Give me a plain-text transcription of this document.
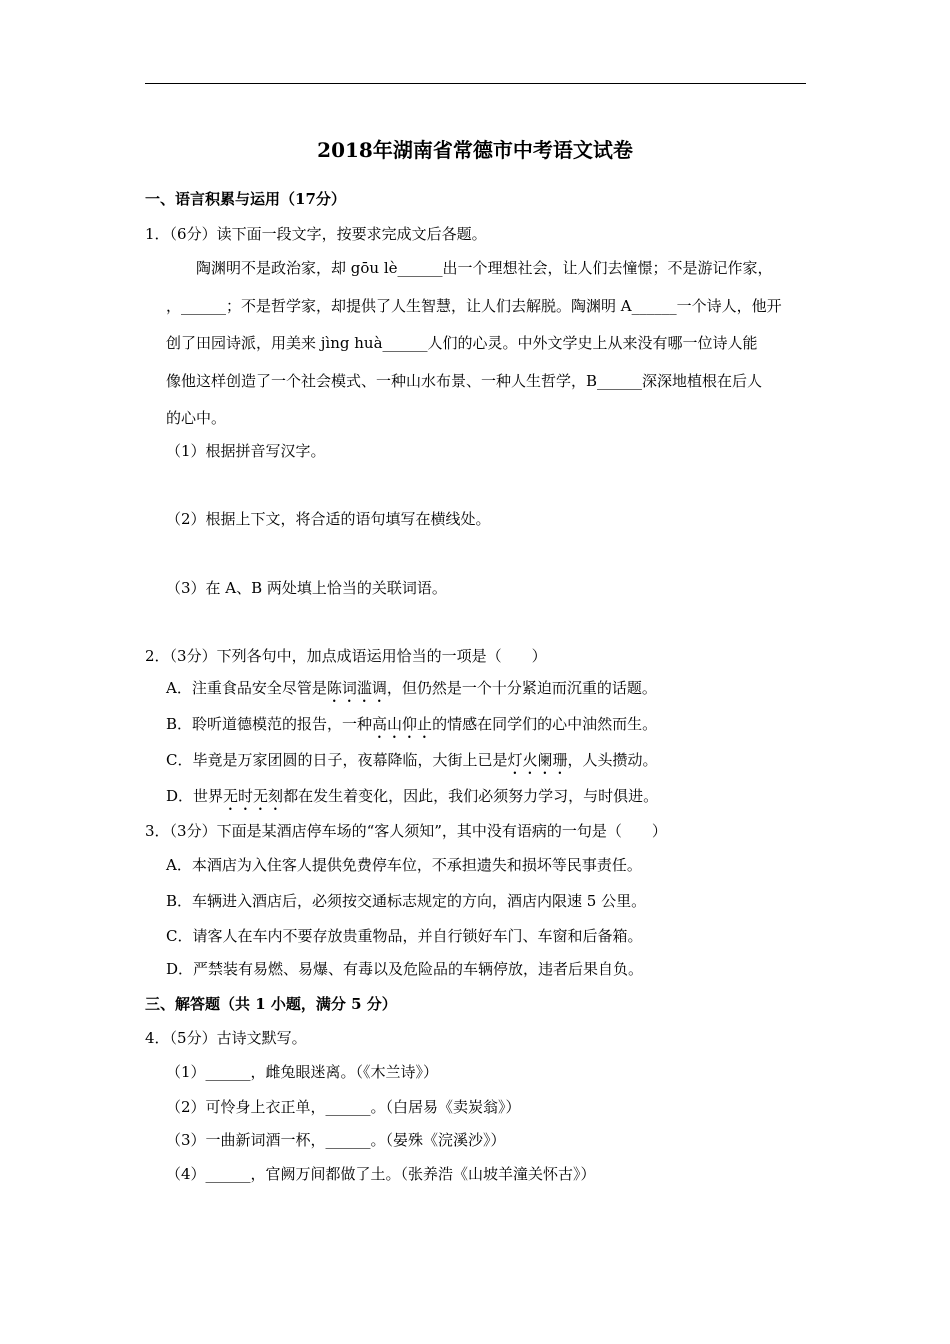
2018年湖南省常德市中考语文试卷
一、语言积累与运用（17分）
1．（6分）读下面一段文字，按要求完成文后各题。
陶渊明不是政治家，却 gōu lè______出一个理想社会，让人们去憧憬；不是游记作家，
，______；不是哲学家，却提供了人生智慧，让人们去解脱。陶渊明 A______一个诗人，他开
创了田园诗派，用美来 jìng huà______人们的心灵。中外文学史上从来没有哪一位诗人能
像他这样创造了一个社会模式、一种山水布景、一种人生哲学，B______深深地植根在后人
的心中。
（1）根据拼音写汉字。
（2）根据上下文，将合适的语句填写在横线处。
（3）在 A、B 两处填上恰当的关联词语。
2．（3分）下列各句中，加点成语运用恰当的一项是（　　）
A．注重食品安全尽管是陈词滥调，但仍然是一个十分紧迫而沉重的话题。
B．聆听道德模范的报告，一种高山仰止的情感在同学们的心中油然而生。
C．毕竟是万家团圆的日子，夜幕降临，大街上已是灯火阑珊，人头攒动。
D．世界无时无刻都在发生着变化，因此，我们必须努力学习，与时俱进。
3．（3分）下面是某酒店停车场的“客人须知”，其中没有语病的一句是（　　）
A．本酒店为入住客人提供免费停车位，不承担遗失和损坏等民事责任。
B．车辆进入酒店后，必须按交通标志规定的方向，酒店内限速 5 公里。
C．请客人在车内不要存放贵重物品，并自行锁好车门、车窗和后备箱。
D．严禁装有易燃、易爆、有毒以及危险品的车辆停放，违者后果自负。
三、解答题（共 1 小题，满分 5 分）
4．（5分）古诗文默写。
（1）______，雌兔眼迷离。（《木兰诗》）
（2）可怜身上衣正单，______。（白居易《卖炭翁》）
（3）一曲新词酒一杯，______。（晏殊《浣溪沙》）
（4）______，官阙万间都做了土。（张养浩《山坡羊潼关怀古》）
